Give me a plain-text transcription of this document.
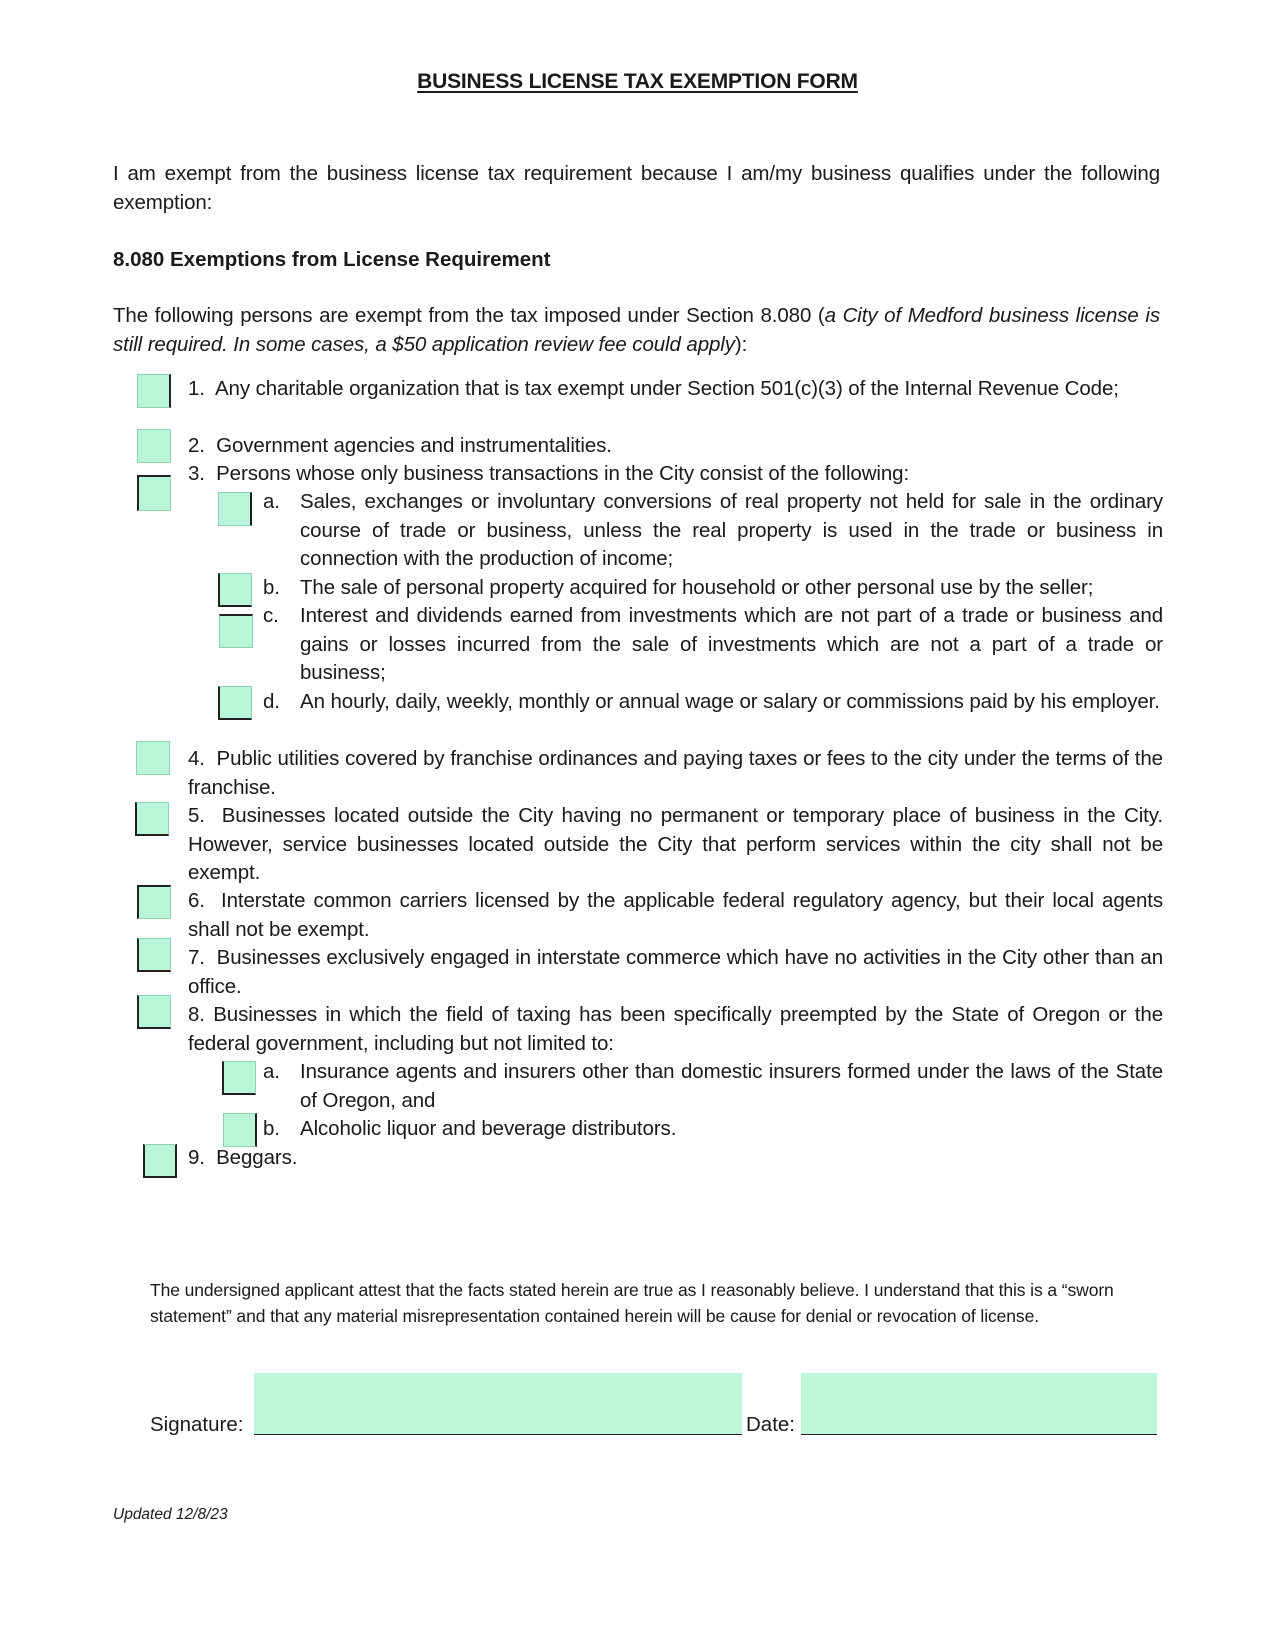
BUSINESS LICENSE TAX EXEMPTION FORM
I am exempt from the business license tax requirement because I am/my business qualifies under the following exemption:
8.080 Exemptions from License Requirement
The following persons are exempt from the tax imposed under Section 8.080 (a City of Medford business license is still required. In some cases, a $50 application review fee could apply):
1. Any charitable organization that is tax exempt under Section 501(c)(3) of the Internal Revenue Code;
2. Government agencies and instrumentalities.
3. Persons whose only business transactions in the City consist of the following:
a. Sales, exchanges or involuntary conversions of real property not held for sale in the ordinary course of trade or business, unless the real property is used in the trade or business in connection with the production of income;
b. The sale of personal property acquired for household or other personal use by the seller;
c. Interest and dividends earned from investments which are not part of a trade or business and gains or losses incurred from the sale of investments which are not a part of a trade or business;
d. An hourly, daily, weekly, monthly or annual wage or salary or commissions paid by his employer.
4. Public utilities covered by franchise ordinances and paying taxes or fees to the city under the terms of the franchise.
5. Businesses located outside the City having no permanent or temporary place of business in the City. However, service businesses located outside the City that perform services within the city shall not be exempt.
6. Interstate common carriers licensed by the applicable federal regulatory agency, but their local agents shall not be exempt.
7. Businesses exclusively engaged in interstate commerce which have no activities in the City other than an office.
8. Businesses in which the field of taxing has been specifically preempted by the State of Oregon or the federal government, including but not limited to:
a. Insurance agents and insurers other than domestic insurers formed under the laws of the State of Oregon, and
b. Alcoholic liquor and beverage distributors.
9. Beggars.
The undersigned applicant attest that the facts stated herein are true as I reasonably believe. I understand that this is a “sworn statement” and that any material misrepresentation contained herein will be cause for denial or revocation of license.
Signature:	Date:
Updated 12/8/23
